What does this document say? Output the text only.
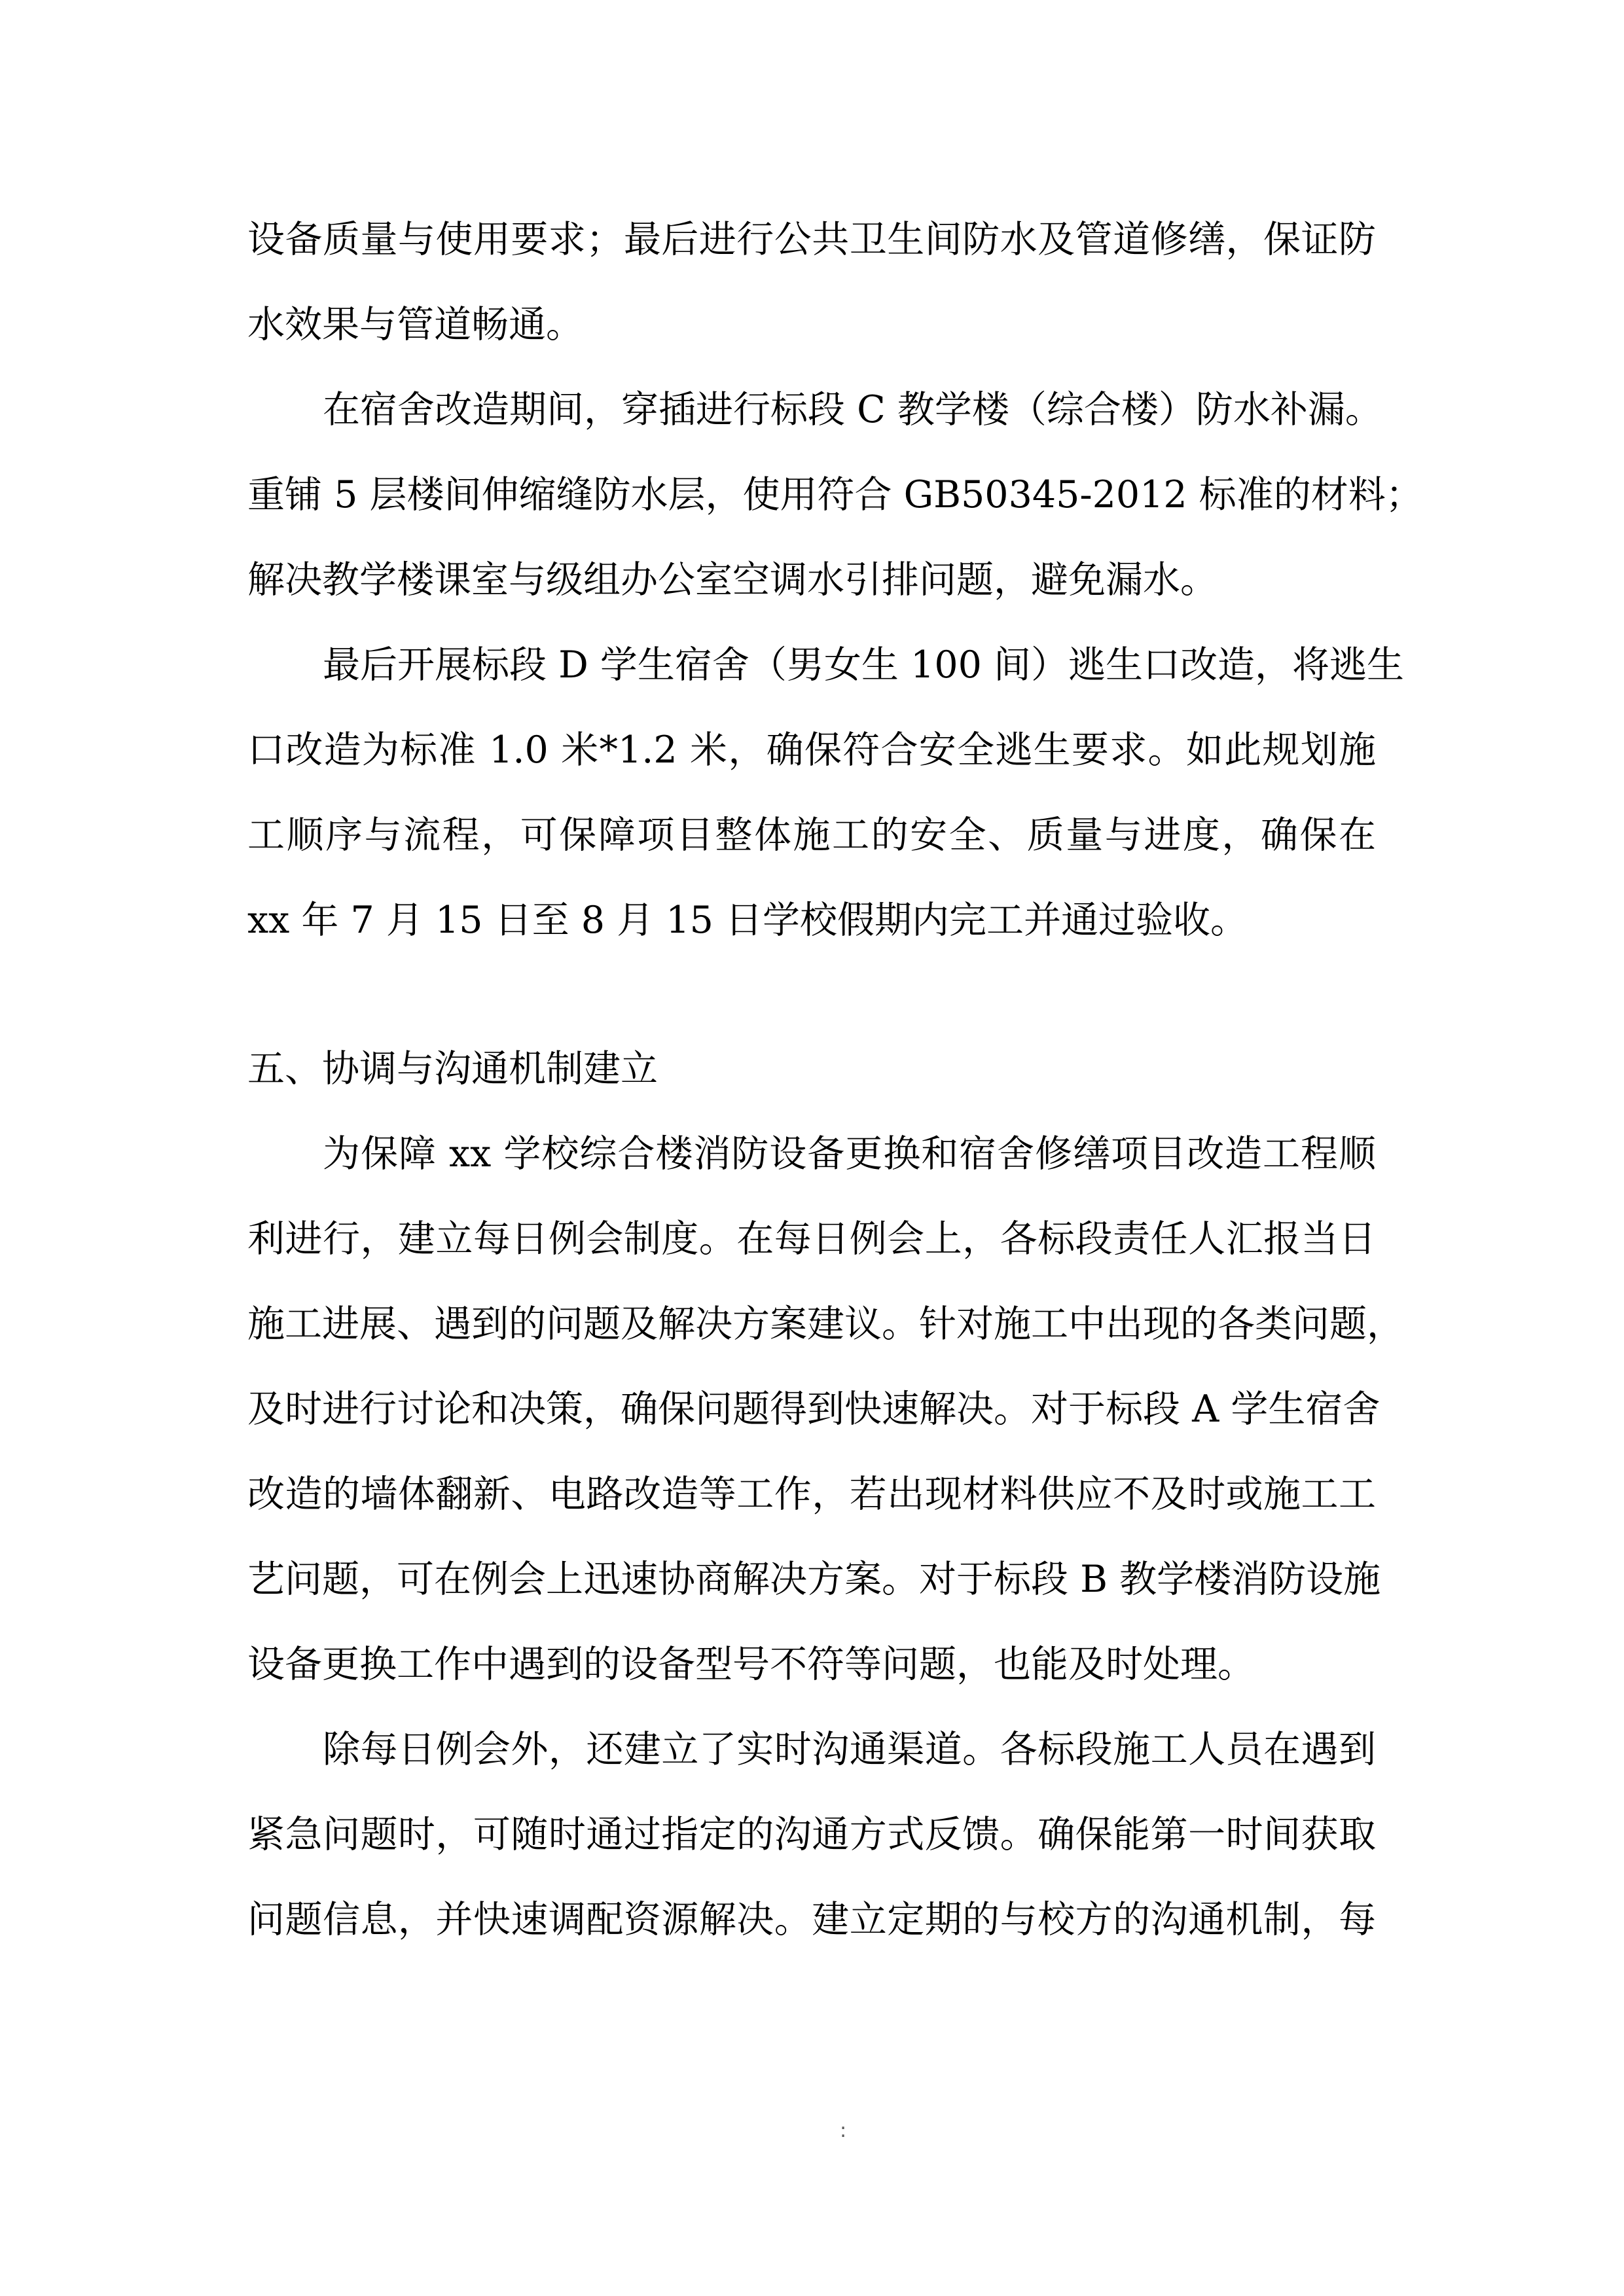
设备质量与使用要求；最后进行公共卫生间防水及管道修缮，保证防
水效果与管道畅通。
在宿舍改造期间，穿插进行标段 C 教学楼（综合楼）防水补漏。
重铺 5 层楼间伸缩缝防水层，使用符合 GB50345-2012 标准的材料；
解决教学楼课室与级组办公室空调水引排问题，避免漏水。
最后开展标段 D 学生宿舍（男女生 100 间）逃生口改造，将逃生
口改造为标准 1.0 米*1.2 米，确保符合安全逃生要求。如此规划施
工顺序与流程，可保障项目整体施工的安全、质量与进度，确保在
xx 年 7 月 15 日至 8 月 15 日学校假期内完工并通过验收。
五、协调与沟通机制建立
为保障 xx 学校综合楼消防设备更换和宿舍修缮项目改造工程顺
利进行，建立每日例会制度。在每日例会上，各标段责任人汇报当日
施工进展、遇到的问题及解决方案建议。针对施工中出现的各类问题，
及时进行讨论和决策，确保问题得到快速解决。对于标段 A 学生宿舍
改造的墙体翻新、电路改造等工作，若出现材料供应不及时或施工工
艺问题，可在例会上迅速协商解决方案。对于标段 B 教学楼消防设施
设备更换工作中遇到的设备型号不符等问题，也能及时处理。
除每日例会外，还建立了实时沟通渠道。各标段施工人员在遇到
紧急问题时，可随时通过指定的沟通方式反馈。确保能第一时间获取
问题信息，并快速调配资源解决。建立定期的与校方的沟通机制，每
:
